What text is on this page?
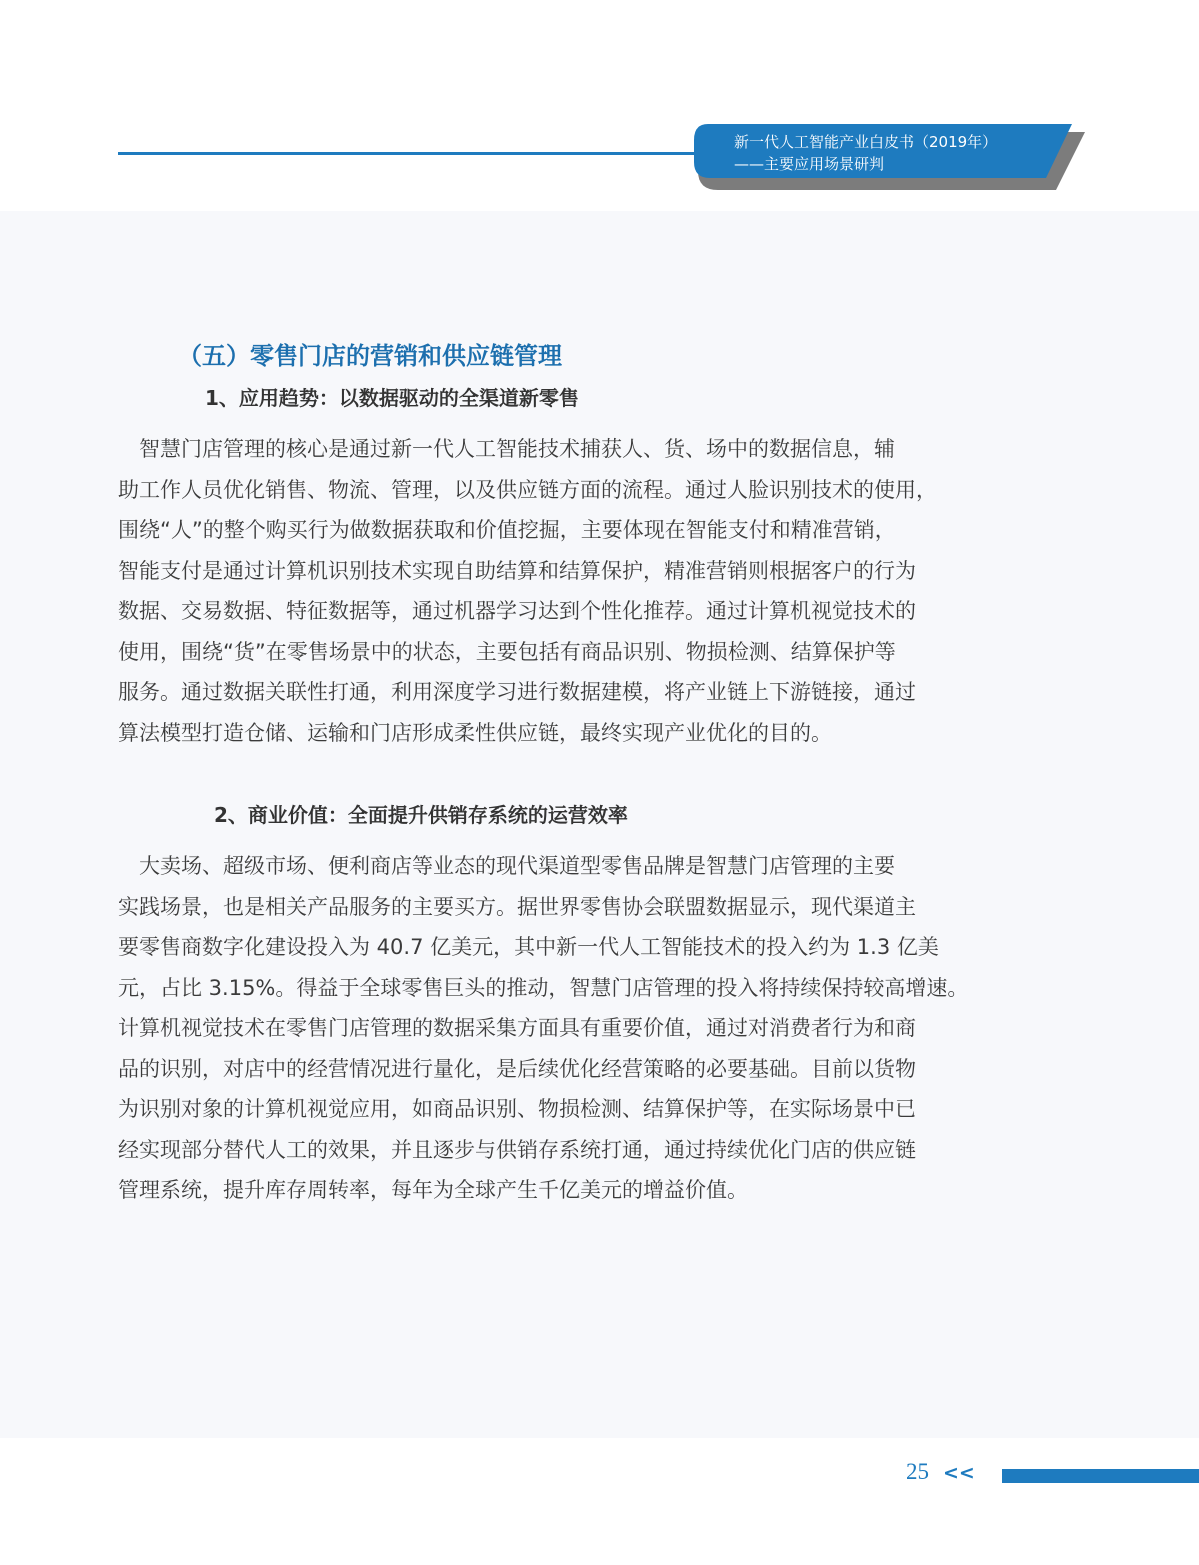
新一代人工智能产业白皮书（2019年）
——主要应用场景研判
（五）零售门店的营销和供应链管理
1、应用趋势：以数据驱动的全渠道新零售

　智慧门店管理的核心是通过新一代人工智能技术捕获人、货、场中的数据信息，辅

助工作人员优化销售、物流、管理，以及供应链方面的流程。通过人脸识别技术的使用，

围绕“人”的整个购买行为做数据获取和价值挖掘，主要体现在智能支付和精准营销，

智能支付是通过计算机识别技术实现自助结算和结算保护，精准营销则根据客户的行为

数据、交易数据、特征数据等，通过机器学习达到个性化推荐。通过计算机视觉技术的

使用，围绕“货”在零售场景中的状态，主要包括有商品识别、物损检测、结算保护等

服务。通过数据关联性打通，利用深度学习进行数据建模，将产业链上下游链接，通过

算法模型打造仓储、运输和门店形成柔性供应链，最终实现产业优化的目的。

2、商业价值：全面提升供销存系统的运营效率

　大卖场、超级市场、便利商店等业态的现代渠道型零售品牌是智慧门店管理的主要

实践场景，也是相关产品服务的主要买方。据世界零售协会联盟数据显示，现代渠道主

要零售商数字化建设投入为 40.7 亿美元，其中新一代人工智能技术的投入约为 1.3 亿美

元，占比 3.15%。得益于全球零售巨头的推动，智慧门店管理的投入将持续保持较高增速。

计算机视觉技术在零售门店管理的数据采集方面具有重要价值，通过对消费者行为和商

品的识别，对店中的经营情况进行量化，是后续优化经营策略的必要基础。目前以货物

为识别对象的计算机视觉应用，如商品识别、物损检测、结算保护等，在实际场景中已

经实现部分替代人工的效果，并且逐步与供销存系统打通，通过持续优化门店的供应链

管理系统，提升库存周转率，每年为全球产生千亿美元的增益价值。

25 <<
